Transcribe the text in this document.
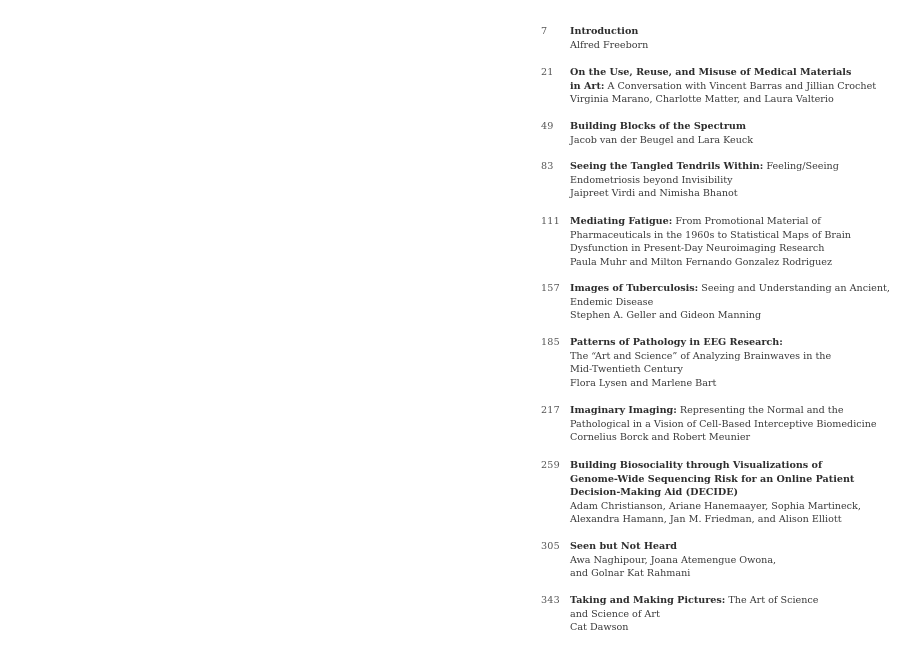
7	Introduction
Alfred Freeborn
21	On the Use, Reuse, and Misuse of Medical Materials
in Art: A Conversation with Vincent Barras and Jillian Crochet
Virginia Marano, Charlotte Matter, and Laura Valterio
49	Building Blocks of the Spectrum
Jacob van der Beugel and Lara Keuck
83	Seeing the Tangled Tendrils Within: Feeling/Seeing
Endometriosis beyond Invisibility
Jaipreet Virdi and Nimisha Bhanot
111	Mediating Fatigue: From Promotional Material of
Pharmaceuticals in the 1960s to Statistical Maps of Brain
Dysfunction in Present-Day Neuroimaging Research
Paula Muhr and Milton Fernando Gonzalez Rodriguez
157	Images of Tuberculosis: Seeing and Understanding an Ancient,
Endemic Disease
Stephen A. Geller and Gideon Manning
185	Patterns of Pathology in EEG Research:
The “Art and Science” of Analyzing Brainwaves in the
Mid-Twentieth Century
Flora Lysen and Marlene Bart
217	Imaginary Imaging: Representing the Normal and the
Pathological in a Vision of Cell-Based Interceptive Biomedicine
Cornelius Borck and Robert Meunier
259	Building Biosociality through Visualizations of
Genome-Wide Sequencing Risk for an Online Patient
Decision-Making Aid (DECIDE)
Adam Christianson, Ariane Hanemaayer, Sophia Martineck,
Alexandra Hamann, Jan M. Friedman, and Alison Elliott
305	Seen but Not Heard
Awa Naghipour, Joana Atemengue Owona,
and Golnar Kat Rahmani
343	Taking and Making Pictures: The Art of Science
and Science of Art
Cat Dawson
